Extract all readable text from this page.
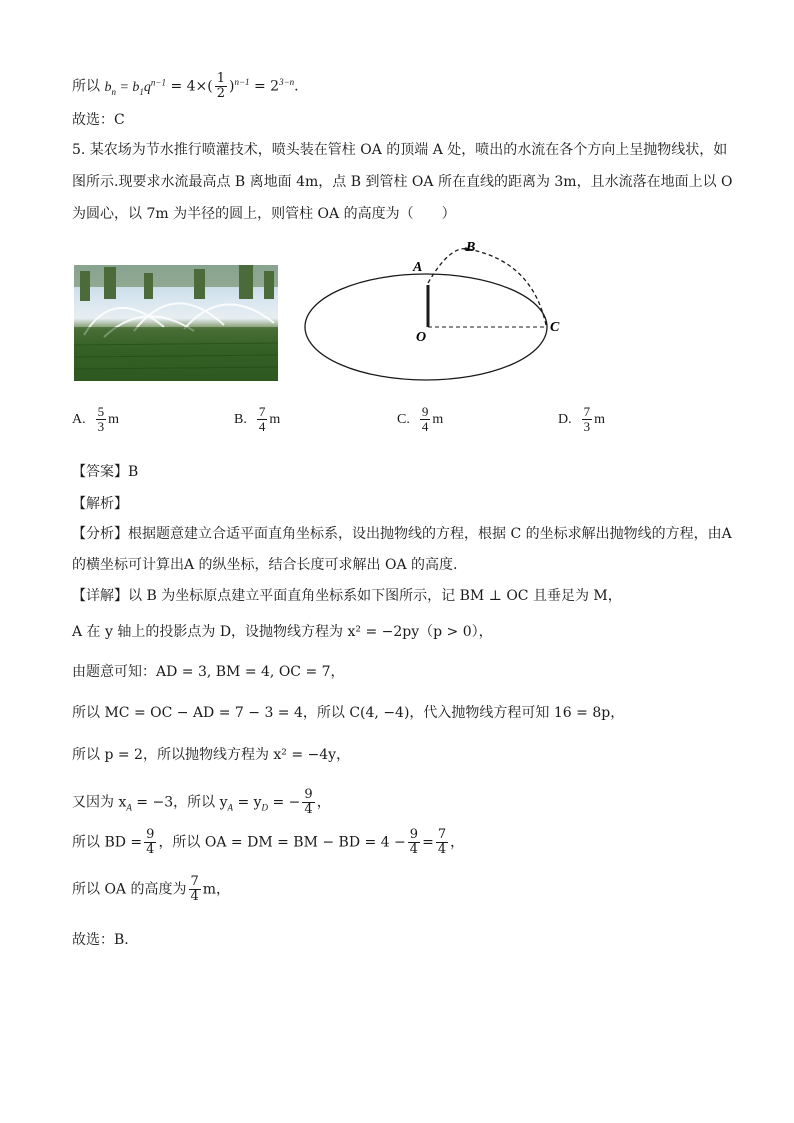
所以 $b_n = b_1q^{n-1} = 4\times( \frac{1}{2} )^{n-1} = 2^{3-n}$.
故选：C
5. 某农场为节水推行喷灌技术，喷头装在管柱 OA 的顶端 A 处，喷出的水流在各个方向上呈抛物线状，如
图所示.现要求水流最高点 B 离地面 4m，点 B 到管柱 OA 所在直线的距离为 3m，且水流落在地面上以 O
为圆心，以 7m 为半径的圆上，则管柱 OA 的高度为（　　）
A
B
O
C
A. $\frac{5}{3}$ m	B. $\frac{7}{4}$ m	C. $\frac{9}{4}$ m	D. $\frac{7}{3}$ m
【答案】B
【解析】
【分析】根据题意建立合适平面直角坐标系，设出抛物线的方程，根据 C 的坐标求解出抛物线的方程，由A
的横坐标可计算出A 的纵坐标，结合长度可求解出 OA 的高度.
【详解】以 B 为坐标原点建立平面直角坐标系如下图所示，记 BM ⊥ OC 且垂足为 M，
A 在 y 轴上的投影点为 D，设抛物线方程为 x² = −2py（p > 0），
由题意可知：AD = 3, BM = 4, OC = 7，
所以 MC = OC − AD = 7 − 3 = 4，所以 C(4, −4)，代入抛物线方程可知 16 = 8p，
所以 p = 2，所以抛物线方程为 x² = −4y，
又因为 $x_A = -3$，所以 $y_A = y_D$ = − $\frac{9}{4}$ ，
所以 BD = $\frac{9}{4}$ ，所以 OA = DM = BM − BD = $4 - \frac{9}{4} = \frac{7}{4}$ ，
所以 OA 的高度为 $\frac{7}{4}$ m，
故选：B.
